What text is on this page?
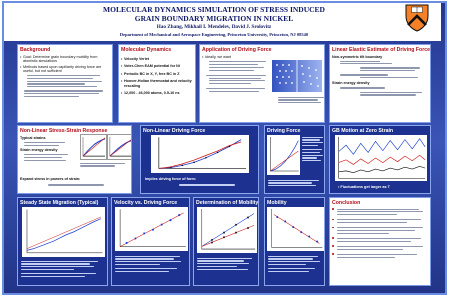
MOLECULAR DYNAMICS SIMULATION OF STRESS INDUCED
GRAIN BOUNDARY MIGRATION IN NICKEL
Hao Zhang, Mikhail I. Mendelev, David J. Srolovitz
Department of Mechanical and Aerospace Engineering, Princeton University, Princeton, NJ 08540
Background
• Goal: Determine grain boundary mobility from atomistic simulations
• Methods based upon capillarity driving force are useful, but not sufficient
Molecular Dynamics
• Velocity Verlet
• Voter-Chen EAM potential for Ni
• Periodic BC in X, Y, free BC in Z
• Hoover-Holian thermostat and velocity rescaling
• 12,000 - 46,000 atoms, 0.5-10 ns
Application of Driving Force
• Ideally, we want
Linear Elastic Estimate of Driving Force
Non-symmetric tilt boundary
Strain energy density
Non-Linear Stress-Strain Response
Typical strains
Strain energy density
Expand stress in powers of strain:
Non-Linear Driving Force
Implies driving force of form:
Driving Force	GB Motion at Zero Strain
• Fluctuations get larger as T
Steady State Migration (Typical)	Velocity vs. Driving Force	Determination of Mobility	Mobility	Conclusion
